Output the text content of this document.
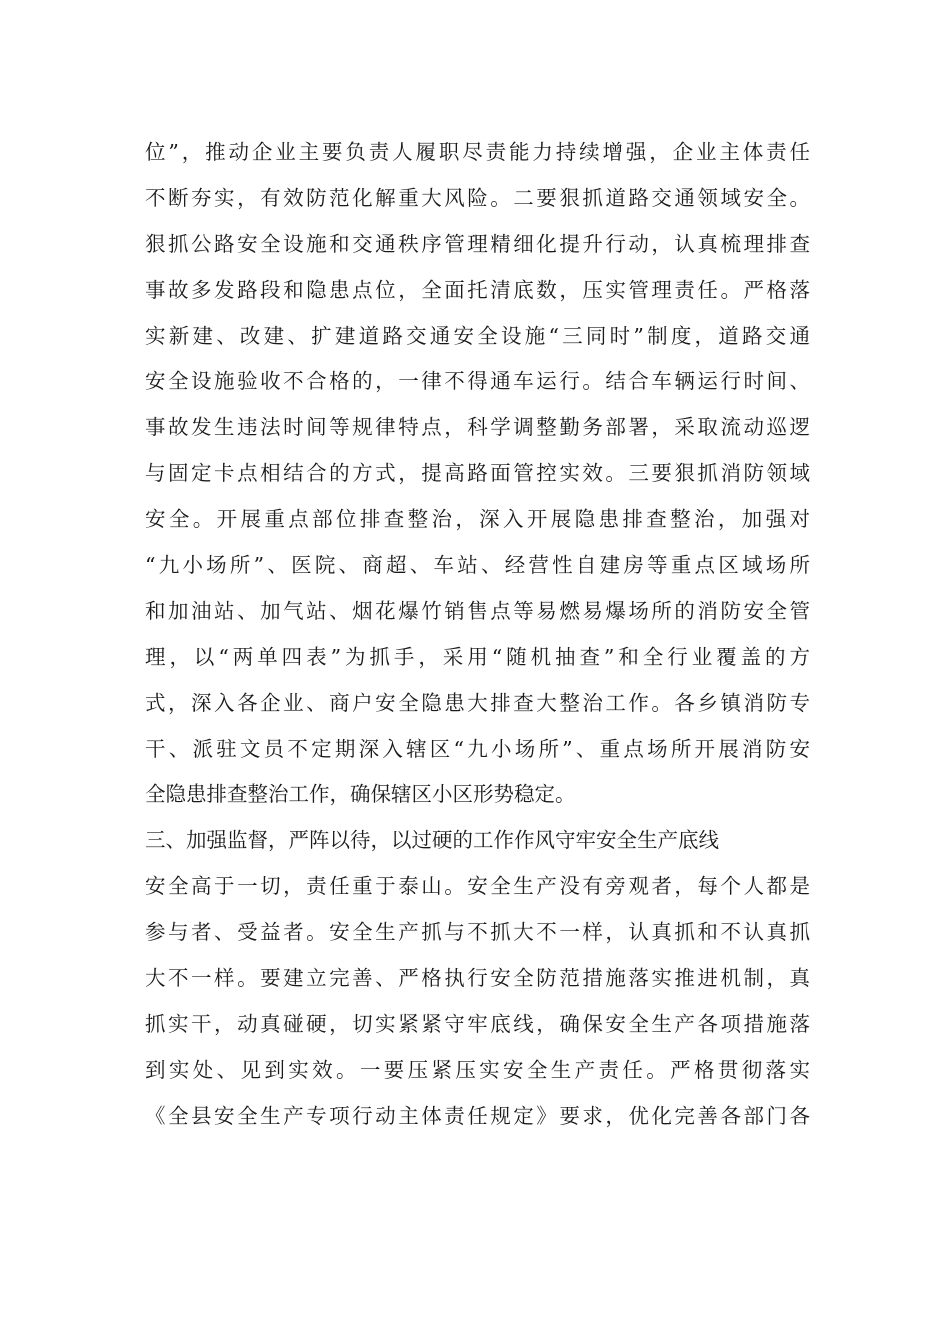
位”，推动企业主要负责人履职尽责能力持续增强，企业主体责任
不断夯实，有效防范化解重大风险。二要狠抓道路交通领域安全。
狠抓公路安全设施和交通秩序管理精细化提升行动，认真梳理排查
事故多发路段和隐患点位，全面托清底数，压实管理责任。严格落
实新建、改建、扩建道路交通安全设施“三同时”制度，道路交通
安全设施验收不合格的，一律不得通车运行。结合车辆运行时间、
事故发生违法时间等规律特点，科学调整勤务部署，采取流动巡逻
与固定卡点相结合的方式，提高路面管控实效。三要狠抓消防领域
安全。开展重点部位排查整治，深入开展隐患排查整治，加强对
“九小场所”、医院、商超、车站、经营性自建房等重点区域场所
和加油站、加气站、烟花爆竹销售点等易燃易爆场所的消防安全管
理，以“两单四表”为抓手，采用“随机抽查”和全行业覆盖的方
式，深入各企业、商户安全隐患大排查大整治工作。各乡镇消防专
干、派驻文员不定期深入辖区“九小场所”、重点场所开展消防安
全隐患排查整治工作，确保辖区小区形势稳定。
三、加强监督，严阵以待，以过硬的工作作风守牢安全生产底线
安全高于一切，责任重于泰山。安全生产没有旁观者，每个人都是
参与者、受益者。安全生产抓与不抓大不一样，认真抓和不认真抓
大不一样。要建立完善、严格执行安全防范措施落实推进机制，真
抓实干，动真碰硬，切实紧紧守牢底线，确保安全生产各项措施落
到实处、见到实效。一要压紧压实安全生产责任。严格贯彻落实
《全县安全生产专项行动主体责任规定》要求，优化完善各部门各
